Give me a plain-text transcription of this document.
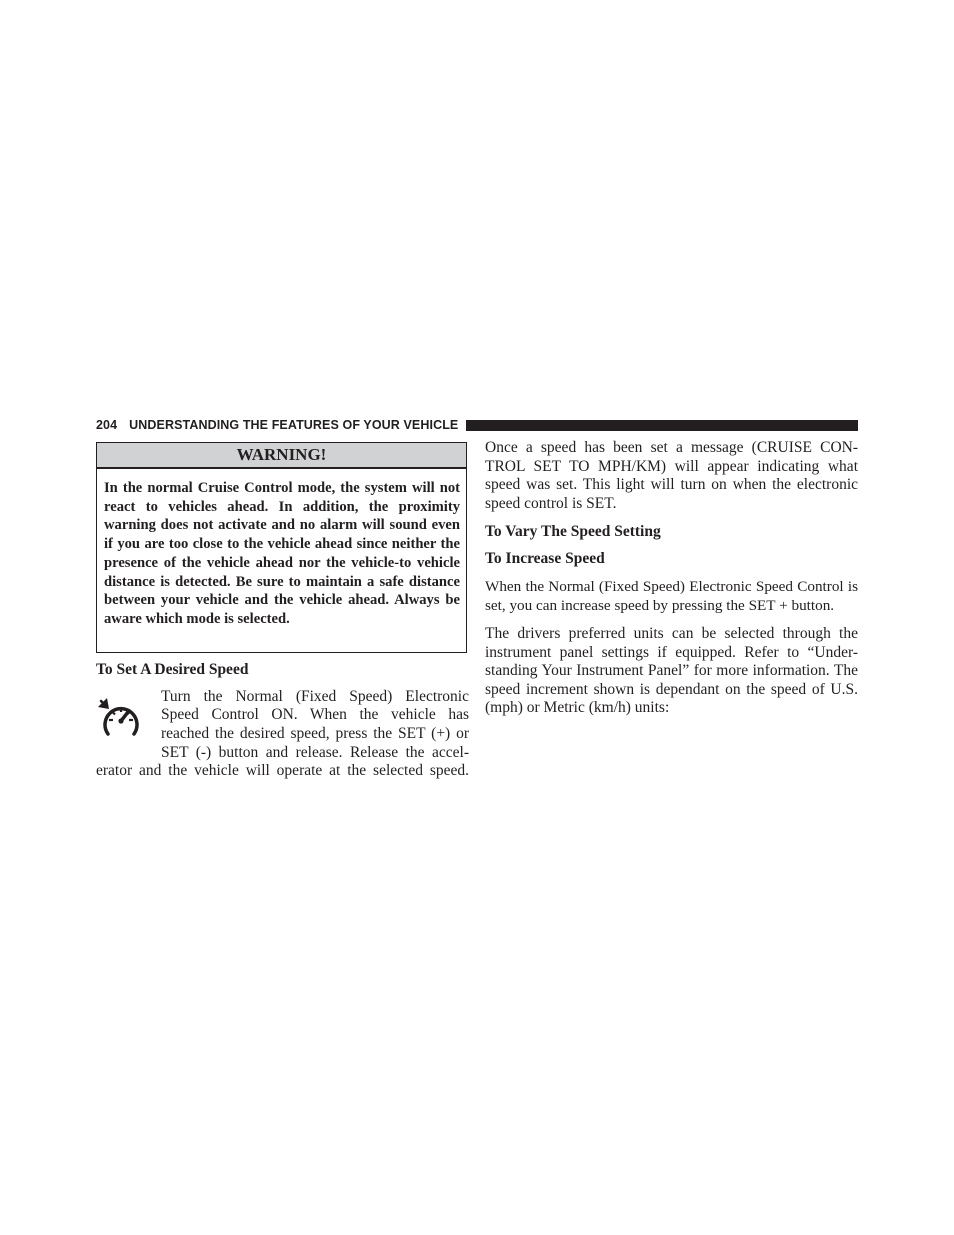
204 UNDERSTANDING THE FEATURES OF YOUR VEHICLE
WARNING!
In the normal Cruise Control mode, the system will not react to vehicles ahead. In addition, the proximity warning does not activate and no alarm will sound even if you are too close to the vehicle ahead since neither the presence of the vehicle ahead nor the vehicle-to vehicle distance is detected. Be sure to maintain a safe distance between your vehicle and the vehicle ahead. Always be aware which mode is selected.
To Set A Desired Speed
Turn the Normal (Fixed Speed) Electronic
Speed Control ON. When the vehicle has
reached the desired speed, press the SET (+) or
SET (-) button and release. Release the accel-
erator and the vehicle will operate at the selected speed.
Once a speed has been set a message (CRUISE CON-TROL SET TO MPH/KM) will appear indicating what speed was set. This light will turn on when the electronic speed control is SET.
To Vary The Speed Setting
To Increase Speed
When the Normal (Fixed Speed) Electronic Speed Control is set, you can increase speed by pressing the SET + button.
The drivers preferred units can be selected through the instrument panel settings if equipped. Refer to “Under-standing Your Instrument Panel” for more information. The speed increment shown is dependant on the speed of U.S. (mph) or Metric (km/h) units:
